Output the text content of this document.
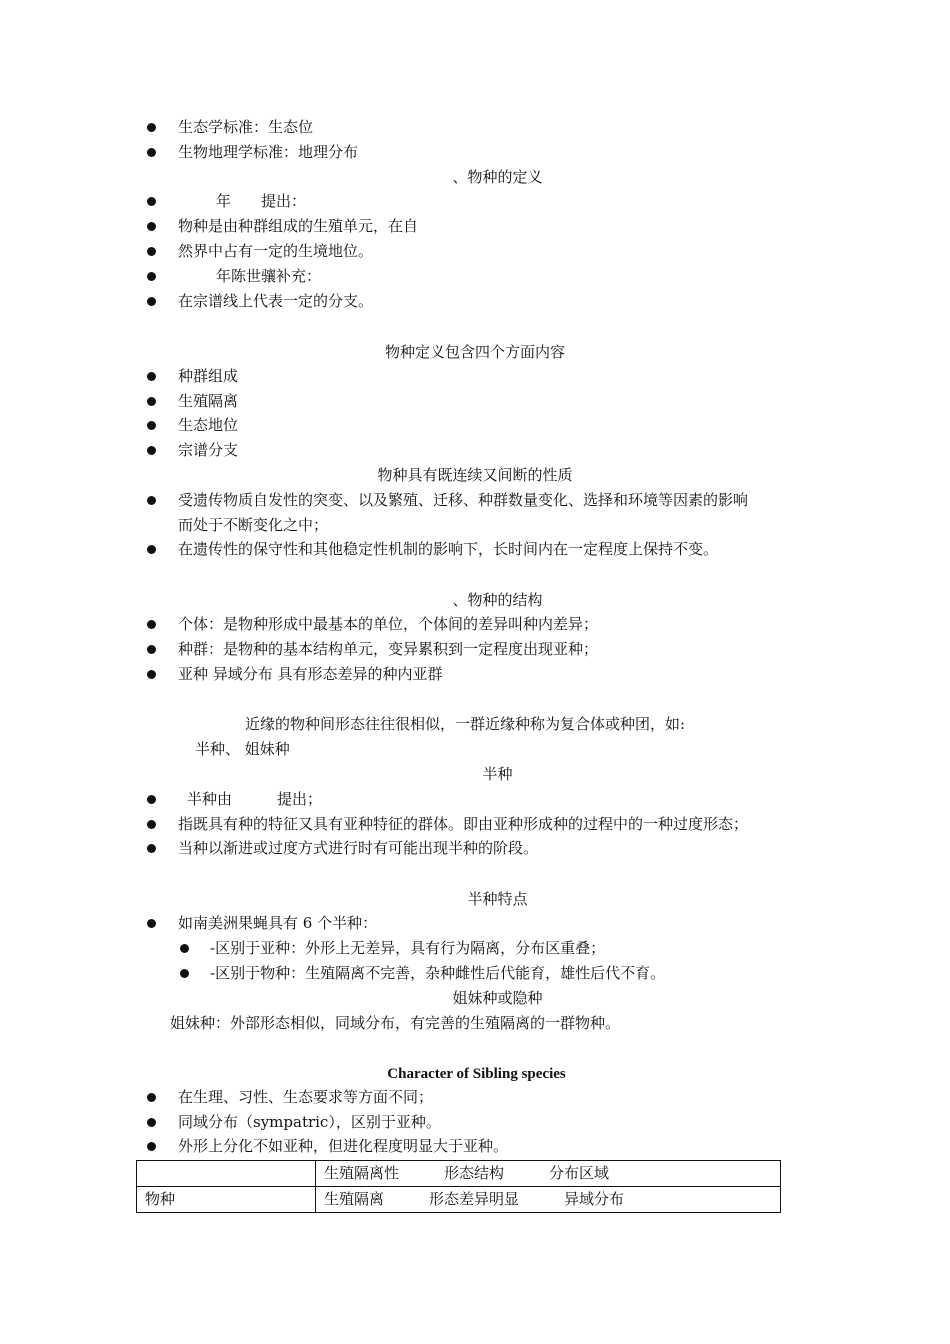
生态学标准：生态位
生物地理学标准：地理分布
、物种的定义
年　　提出：
物种是由种群组成的生殖单元，在自
然界中占有一定的生境地位。
年陈世骧补充：
在宗谱线上代表一定的分支。
物种定义包含四个方面内容
种群组成
生殖隔离
生态地位
宗谱分支
物种具有既连续又间断的性质
受遗传物质自发性的突变、以及繁殖、迁移、种群数量变化、选择和环境等因素的影响
而处于不断变化之中；
在遗传性的保守性和其他稳定性机制的影响下，长时间内在一定程度上保持不变。
、物种的结构
个体：是物种形成中最基本的单位，个体间的差异叫种内差异；
种群：是物种的基本结构单元，变异累积到一定程度出现亚种；
亚种 异域分布 具有形态差异的种内亚群
近缘的物种间形态往往很相似，一群近缘种称为复合体或种团，如:
半种、 姐妹种
半种
半种由　　　提出；
指既具有种的特征又具有亚种特征的群体。即由亚种形成种的过程中的一种过度形态；
当种以渐进或过度方式进行时有可能出现半种的阶段。
半种特点
如南美洲果蝇具有 6 个半种：
-区别于亚种：外形上无差异，具有行为隔离，分布区重叠；
-区别于物种：生殖隔离不完善，杂种雌性后代能育，雄性后代不育。
姐妹种或隐种
姐妹种：外部形态相似，同域分布，有完善的生殖隔离的一群物种。
Character of Sibling species
在生理、习性、生态要求等方面不同；
同域分布（sympatric），区别于亚种。
外形上分化不如亚种，但进化程度明显大于亚种。
	生殖隔离性　　　形态结构　　　分布区域
物种	生殖隔离　　　形态差异明显　　　异域分布
